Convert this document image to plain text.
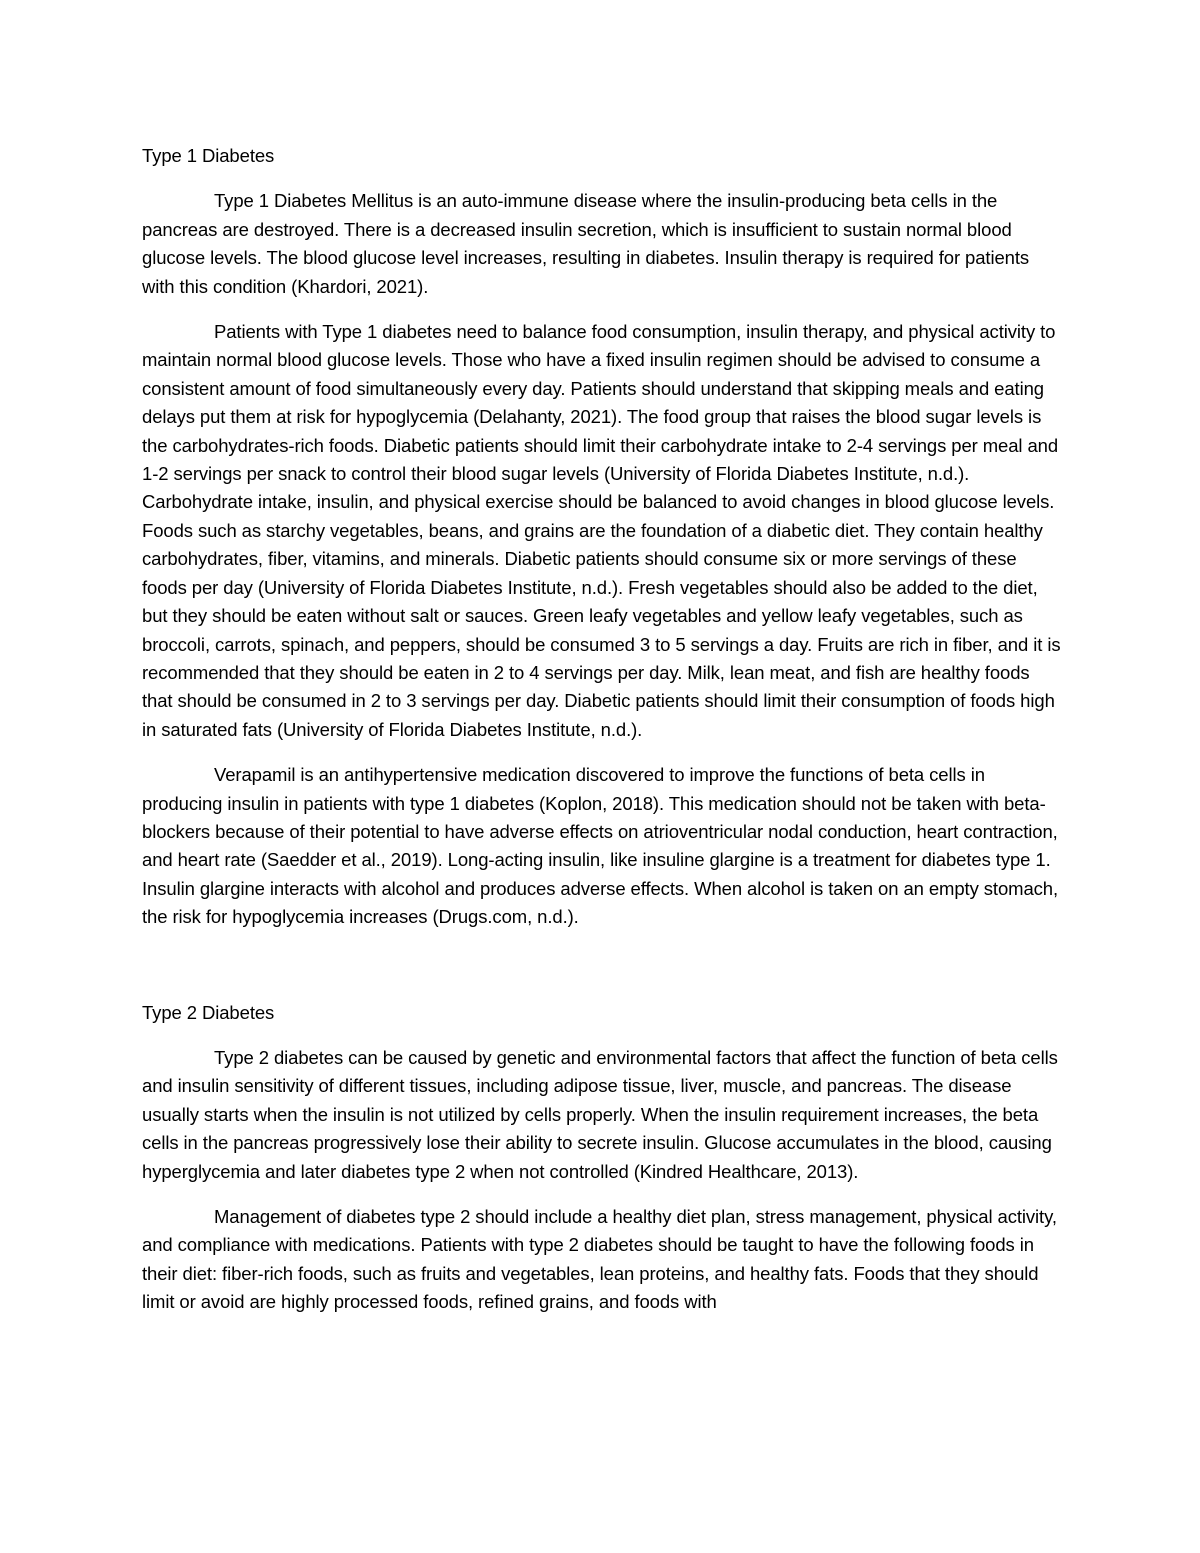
Type 1 Diabetes

Type 1 Diabetes Mellitus is an auto-immune disease where the insulin-producing beta cells in the pancreas are destroyed. There is a decreased insulin secretion, which is insufficient to sustain normal blood glucose levels. The blood glucose level increases, resulting in diabetes. Insulin therapy is required for patients with this condition (Khardori, 2021).

Patients with Type 1 diabetes need to balance food consumption, insulin therapy, and physical activity to maintain normal blood glucose levels. Those who have a fixed insulin regimen should be advised to consume a consistent amount of food simultaneously every day. Patients should understand that skipping meals and eating delays put them at risk for hypoglycemia (Delahanty, 2021). The food group that raises the blood sugar levels is the carbohydrates-rich foods. Diabetic patients should limit their carbohydrate intake to 2-4 servings per meal and 1-2 servings per snack to control their blood sugar levels (University of Florida Diabetes Institute, n.d.). Carbohydrate intake, insulin, and physical exercise should be balanced to avoid changes in blood glucose levels. Foods such as starchy vegetables, beans, and grains are the foundation of a diabetic diet. They contain healthy carbohydrates, fiber, vitamins, and minerals. Diabetic patients should consume six or more servings of these foods per day (University of Florida Diabetes Institute, n.d.). Fresh vegetables should also be added to the diet, but they should be eaten without salt or sauces. Green leafy vegetables and yellow leafy vegetables, such as broccoli, carrots, spinach, and peppers, should be consumed 3 to 5 servings a day. Fruits are rich in fiber, and it is recommended that they should be eaten in 2 to 4 servings per day. Milk, lean meat, and fish are healthy foods that should be consumed in 2 to 3 servings per day. Diabetic patients should limit their consumption of foods high in saturated fats (University of Florida Diabetes Institute, n.d.).

Verapamil is an antihypertensive medication discovered to improve the functions of beta cells in producing insulin in patients with type 1 diabetes (Koplon, 2018). This medication should not be taken with beta-blockers because of their potential to have adverse effects on atrioventricular nodal conduction, heart contraction, and heart rate (Saedder et al., 2019). Long-acting insulin, like insuline glargine is a treatment for diabetes type 1. Insulin glargine interacts with alcohol and produces adverse effects. When alcohol is taken on an empty stomach, the risk for hypoglycemia increases (Drugs.com, n.d.).

Type 2 Diabetes

Type 2 diabetes can be caused by genetic and environmental factors that affect the function of beta cells and insulin sensitivity of different tissues, including adipose tissue, liver, muscle, and pancreas. The disease usually starts when the insulin is not utilized by cells properly. When the insulin requirement increases, the beta cells in the pancreas progressively lose their ability to secrete insulin. Glucose accumulates in the blood, causing hyperglycemia and later diabetes type 2 when not controlled (Kindred Healthcare, 2013).

Management of diabetes type 2 should include a healthy diet plan, stress management, physical activity, and compliance with medications. Patients with type 2 diabetes should be taught to have the following foods in their diet: fiber-rich foods, such as fruits and vegetables, lean proteins, and healthy fats. Foods that they should limit or avoid are highly processed foods, refined grains, and foods with
